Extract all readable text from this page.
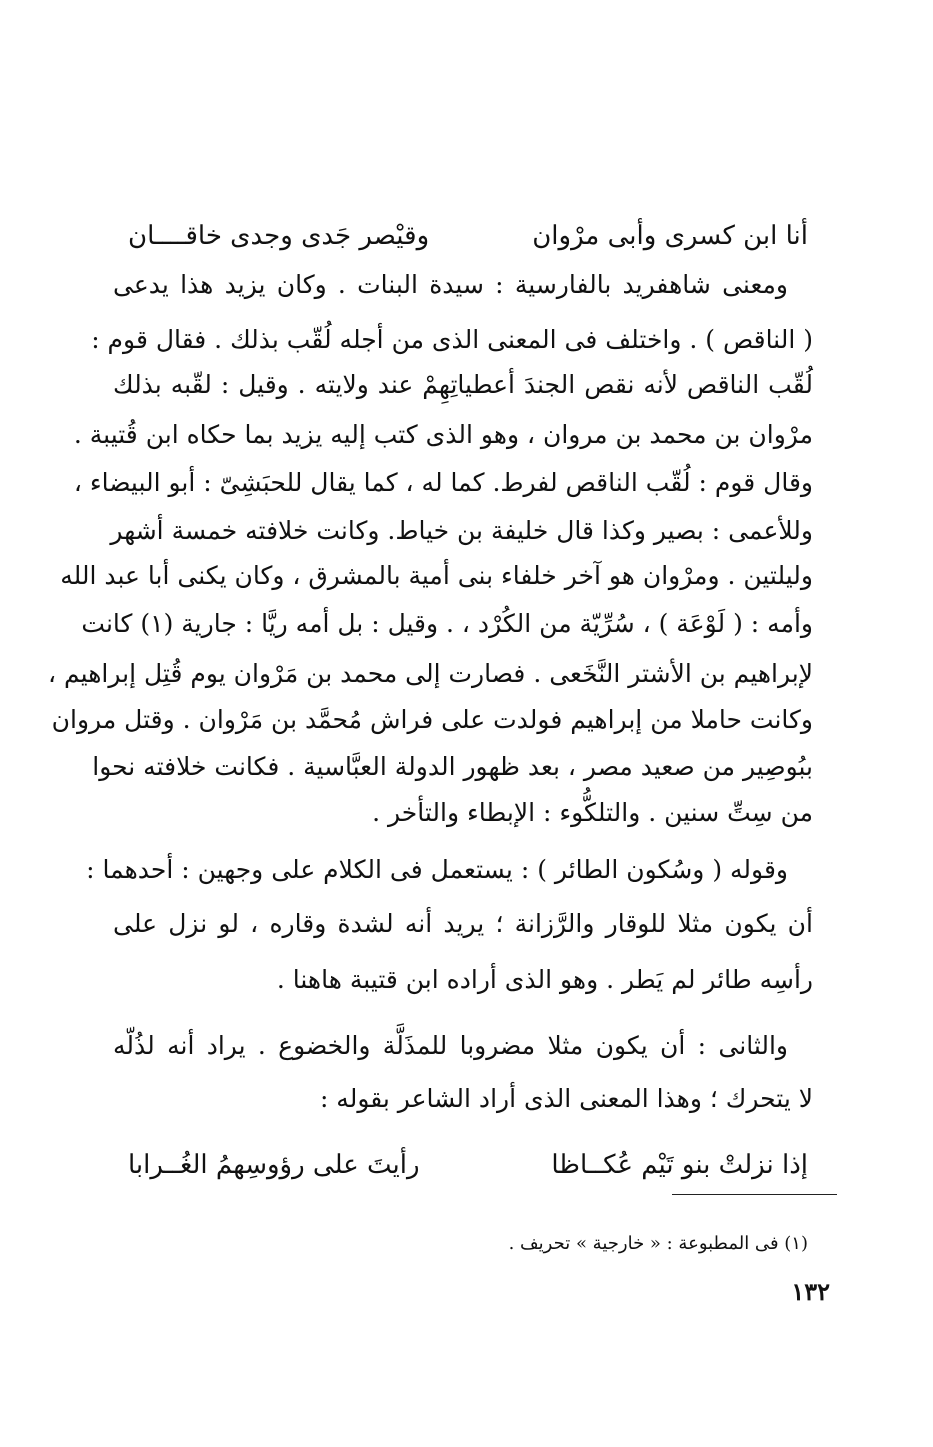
أنا ابن كسرى وأبى مرْوان
وقيْصر جَدى وجدى خاقــــان
ومعنى شاهفريد بالفارسية : سيدة البنات . وكان يزيد هذا يدعى
( الناقص ) . واختلف فى المعنى الذى من أجله لُقّب بذلك . فقال قوم :
لُقّب الناقص لأنه نقص الجندَ أعطياتِهِمْ عند ولايته . وقيل : لقّبه بذلك
مرْوان بن محمد بن مروان ، وهو الذى كتب إليه يزيد بما حكاه ابن قُتيبة .
وقال قوم : لُقّب الناقص لفرط. كما له ، كما يقال للحبَشِىّ : أبو البيضاء ،
وللأعمى : بصير وكذا قال خليفة بن خياط. وكانت خلافته خمسة أشهر
وليلتين . ومرْوان هو آخر خلفاء بنى أمية بالمشرق ، وكان يكنى أبا عبد الله
وأمه : ( لَوْعَة ) ، سُرِّيّة من الكُرْد ، . وقيل : بل أمه ريَّا : جارية (١) كانت
لإبراهيم بن الأشتر النَّخَعى . فصارت إلى محمد بن مَرْوان يوم قُتِل إبراهيم ،
وكانت حاملا من إبراهيم فولدت على فراش مُحمَّد بن مَرْوان . وقتل مروان
ببُوصِير من صعيد مصر ، بعد ظهور الدولة العبَّاسية . فكانت خلافته نحوا
من سِتِّ سنين . والتلكُّوء : الإبطاء والتأخر .
وقوله ( وسُكون الطائر ) : يستعمل فى الكلام على وجهين : أحدهما :
أن يكون مثلا للوقار والرَّزانة ؛ يريد أنه لشدة وقاره ، لو نزل على
رأسِه طائر لم يَطر . وهو الذى أراده ابن قتيبة هاهنا .
والثانى : أن يكون مثلا مضروبا للمذَلَّة والخضوع . يراد أنه لذُلّه
لا يتحرك ؛ وهذا المعنى الذى أراد الشاعر بقوله :
إذا نزلتْ بنو تَيْم عُكــاظا
رأيتَ على رؤوسِهمُ الغُــرابا
(١) فى المطبوعة : « خارجية » تحريف .
١٣٢
